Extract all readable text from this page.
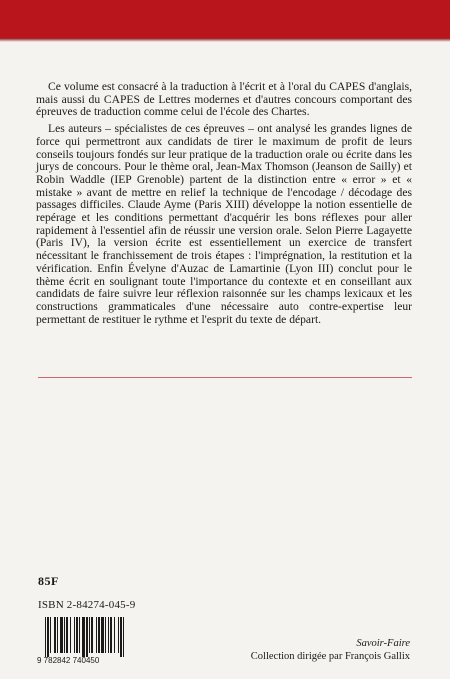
Ce volume est consacré à la traduction à l'écrit et à l'oral du CAPES d'anglais, mais aussi du CAPES de Lettres modernes et d'autres concours comportant des épreuves de traduction comme celui de l'école des Chartes.

Les auteurs – spécialistes de ces épreuves – ont analysé les grandes lignes de force qui permettront aux candidats de tirer le maximum de profit de leurs conseils toujours fondés sur leur pratique de la traduction orale ou écrite dans les jurys de concours. Pour le thème oral, Jean-Max Thomson (Jeanson de Sailly) et Robin Waddle (IEP Grenoble) partent de la distinction entre « error » et « mistake » avant de mettre en relief la technique de l'encodage / décodage des passages difficiles. Claude Ayme (Paris XIII) développe la notion essentielle de repérage et les conditions permettant d'acquérir les bons réflexes pour aller rapidement à l'essentiel afin de réussir une version orale. Selon Pierre Lagayette (Paris IV), la version écrite est essentiellement un exercice de transfert nécessitant le franchissement de trois étapes : l'imprégnation, la restitution et la vérification. Enfin Évelyne d'Auzac de Lamartinie (Lyon III) conclut pour le thème écrit en soulignant toute l'importance du contexte et en conseillant aux candidats de faire suivre leur réflexion raisonnée sur les champs lexicaux et les constructions grammaticales d'une nécessaire auto contre-expertise leur permettant de restituer le rythme et l'esprit du texte de départ.

85F
ISBN 2-84274-045-9
9 782842 740450
Savoir-Faire
Collection dirigée par François Gallix
